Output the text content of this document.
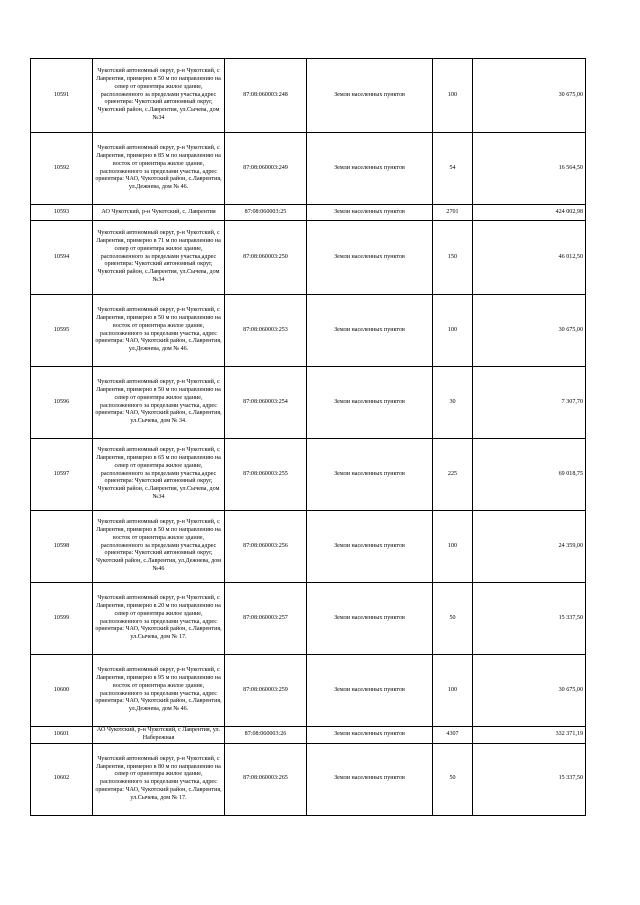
10591	Чукотский автономный округ, р-н Чукотский, с Лаврентия, примерно в 50 м по направлению на север от ориентира жилое здание, расположенного за пределами участка,адрес ориентира: Чукотский автономный округ, Чукотский район, с.Лаврентия, ул.Сычева, дом №34	87:08:060003:248	Земли населенных пунктов	100	30 675,00
10592	Чукотский автономный округ, р-н Чукотский, с Лаврентия, примерно в 85 м по направлению на восток от ориентира жилое здание, расположенного за пределами участка, адрес ориентира: ЧАО, Чукотский район, с.Лаврентия, ул.Дежнева, дом № 46.	87:08:060003:249	Земли населенных пунктов	54	16 564,50
10593	АО Чукотский, р-н Чукотский, с. Лаврентия	87:08:060003:25	Земли населенных пунктов	2701	424 002,98
10594	Чукотский автономный округ, р-н Чукотский, с Лаврентия, примерно в 71 м по направлению на север от ориентира жилое здание, расположенного за пределами участка,адрес ориентира: Чукотский автономный округ, Чукотский район, с.Лаврентия, ул.Сычева, дом №34	87:08:060003:250	Земли населенных пунктов	150	46 012,50
10595	Чукотский автономный округ, р-н Чукотский, с Лаврентия, примерно в 50 м по направлению на восток от ориентира жилое здание, расположенного за пределами участка, адрес ориентира: ЧАО, Чукотский район, с.Лаврентия, ул.Дежнева, дом № 46.	87:08:060003:253	Земли населенных пунктов	100	30 675,00
10596	Чукотский автономный округ, р-н Чукотский, с Лаврентия, примерно в 50 м по направлению на север от ориентира жилое здание, расположенного за пределами участка, адрес ориентира: ЧАО, Чукотский район, с.Лаврентия, ул.Сычева, дом № 34.	87:08:060003:254	Земли населенных пунктов	30	7 307,70
10597	Чукотский автономный округ, р-н Чукотский, с Лаврентия, примерно в 65 м по направлению на север от ориентира жилое здание, расположенного за пределами участка,адрес ориентира: Чукотский автономный округ, Чукотский район, с.Лаврентия, ул.Сычева, дом №34	87:08:060003:255	Земли населенных пунктов	225	69 018,75
10598	Чукотский автономный округ, р-н Чукотский, с Лаврентия, примерно в 50 м по направлению на восток от ориентира жилое здание, расположенного за пределами участка,адрес ориентира: Чукотский автономный округ, Чукотский район, с.Лаврентия, ул.Дежнева, дом №46	87:08:060003:256	Земли населенных пунктов	100	24 359,00
10599	Чукотский автономный округ, р-н Чукотский, с Лаврентия, примерно в 20 м по направлению на север от ориентира жилое здание, расположенного за пределами участка, адрес ориентира: ЧАО, Чукотский район, с.Лаврентия, ул.Сычева, дом № 17.	87:08:060003:257	Земли населенных пунктов	50	15 337,50
10600	Чукотский автономный округ, р-н Чукотский, с Лаврентия, примерно в 95 м по направлению на восток от ориентира жилое здание, расположенного за пределами участка, адрес ориентира: ЧАО, Чукотский район, с.Лаврентия, ул.Дежнева, дом № 46.	87:08:060003:259	Земли населенных пунктов	100	30 675,00
10601	АО Чукотский, р-н Чукотский, с Лаврентия, ул. Набережная	87:08:060003:26	Земли населенных пунктов	4307	332 371,19
10602	Чукотский автономный округ, р-н Чукотский, с Лаврентия, примерно в 80 м по направлению на север от ориентира жилое здание, расположенного за пределами участка, адрес ориентира: ЧАО, Чукотский район, с.Лаврентия, ул.Сычева, дом № 17.	87:08:060003:265	Земли населенных пунктов	50	15 337,50
